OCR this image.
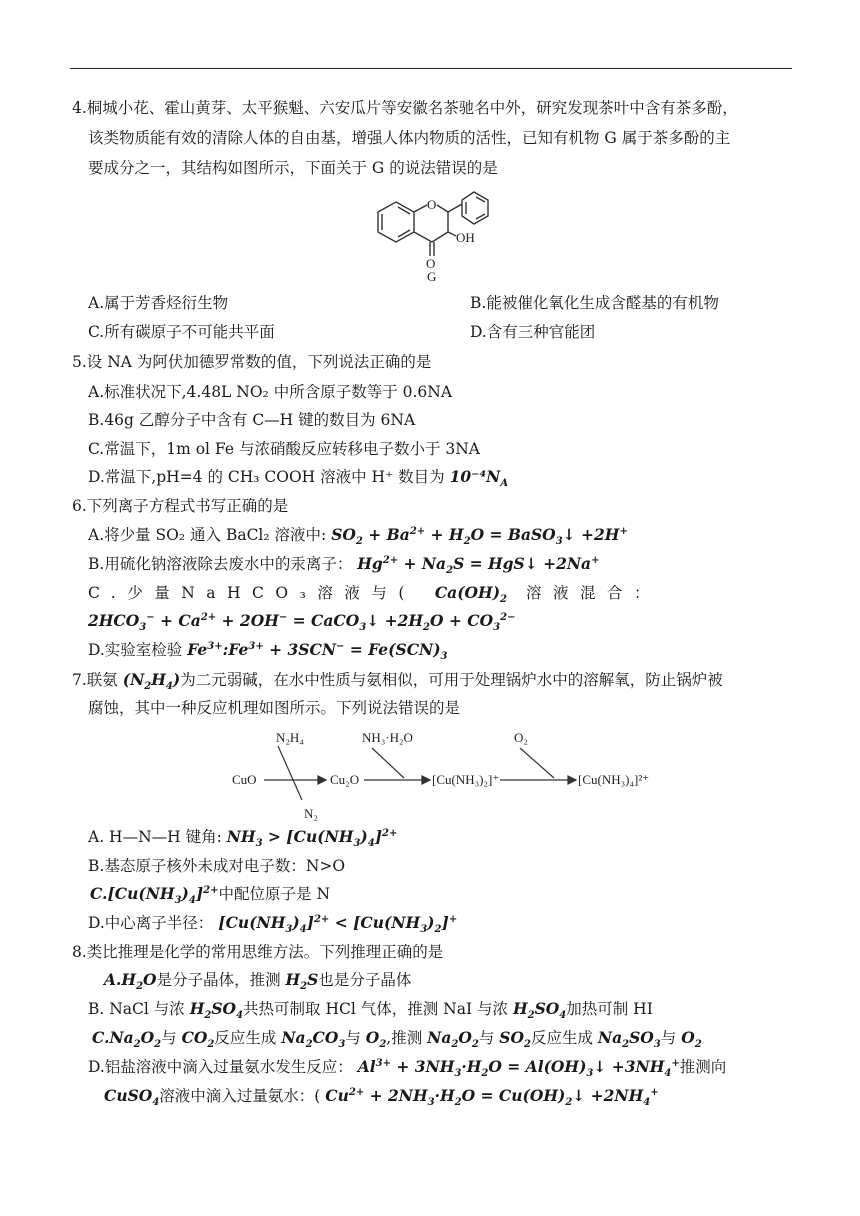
4.桐城小花、霍山黄芽、太平猴魁、六安瓜片等安徽名茶驰名中外，研究发现茶叶中含有茶多酚，
该类物质能有效的清除人体的自由基，增强人体内物质的活性，已知有机物 G 属于茶多酚的主
要成分之一，其结构如图所示，下面关于 G 的说法错误的是
O
O
OH
G
A.属于芳香烃衍生物	B.能被催化氧化生成含醛基的有机物
C.所有碳原子不可能共平面	D.含有三种官能团
5.设 NA 为阿伏加德罗常数的值，下列说法正确的是
A.标准状况下,4.48L NO₂ 中所含原子数等于 0.6NA
B.46g 乙醇分子中含有 C—H 键的数目为 6NA
C.常温下，1m ol Fe 与浓硝酸反应转移电子数小于 3NA
D.常温下,pH=4 的 CH₃ COOH 溶液中 H⁺ 数目为 $10^{-4}N_A$
6.下列离子方程式书写正确的是
A.将少量 SO₂ 通入 BaCl₂ 溶液中: $SO_2 + Ba^{2+} + H_2O$ = BaSO$_3$↓ +2H+
B.用硫化钠溶液除去废水中的汞离子： $Hg^{2+} + Na_2S$ = HgS↓ +2Na+
C.少量NaHCO₃溶液与( $Ca(OH)_2$ 溶液混合：
$2HCO_3^- + Ca^{2+} + 2OH^-$ = CaCO$_3$↓ $+2H_2O + CO_3^{2-}$
D.实验室检验 $Fe^{3+}:Fe^{3+} + 3SCN^- = Fe(SCN)_3$
7.联氨 $(N_2H_4)$为二元弱碱，在水中性质与氨相似，可用于处理锅炉水中的溶解氧，防止锅炉被
腐蚀，其中一种反应机理如图所示。下列说法错误的是
CuO
N₂H₄
N₂
Cu₂O
NH₃·H₂O
[Cu(NH₃)₂]⁺
O₂
[Cu(NH₃)₄]²⁺
A. H—N—H 键角: $NH_3 > [Cu(NH_3)_4]^{2+}$
B.基态原子核外未成对电子数：N>O
$C.[Cu(NH_3)_4]^{2+}$中配位原子是 N
D.中心离子半径： $[Cu(NH_3)_4]^{2+} < [Cu(NH_3)_2]^+$
8.类比推理是化学的常用思维方法。下列推理正确的是
$A.H_2O$是分子晶体，推测 $H_2S$也是分子晶体
B. NaCl 与浓 $H_2SO_4$共热可制取 HCl 气体，推测 NaI 与浓 $H_2SO_4$加热可制 HI
$C.Na_2O_2$与 $CO_2$反应生成 $Na_2CO_3$与 $O_2$,推测 $Na_2O_2$与 $SO_2$反应生成 $Na_2SO_3$与 $O_2$
D.铝盐溶液中滴入过量氨水发生反应： $Al^{3+} + 3NH_3\cdot H_2O$ = $Al(OH)_3↓ +3NH_4^+$推测向
CuSO$_4$溶液中滴入过量氨水：( $Cu^{2+} + 2NH_3\cdot H_2O$ = $Cu(OH)_2↓ +2NH_4^+$
